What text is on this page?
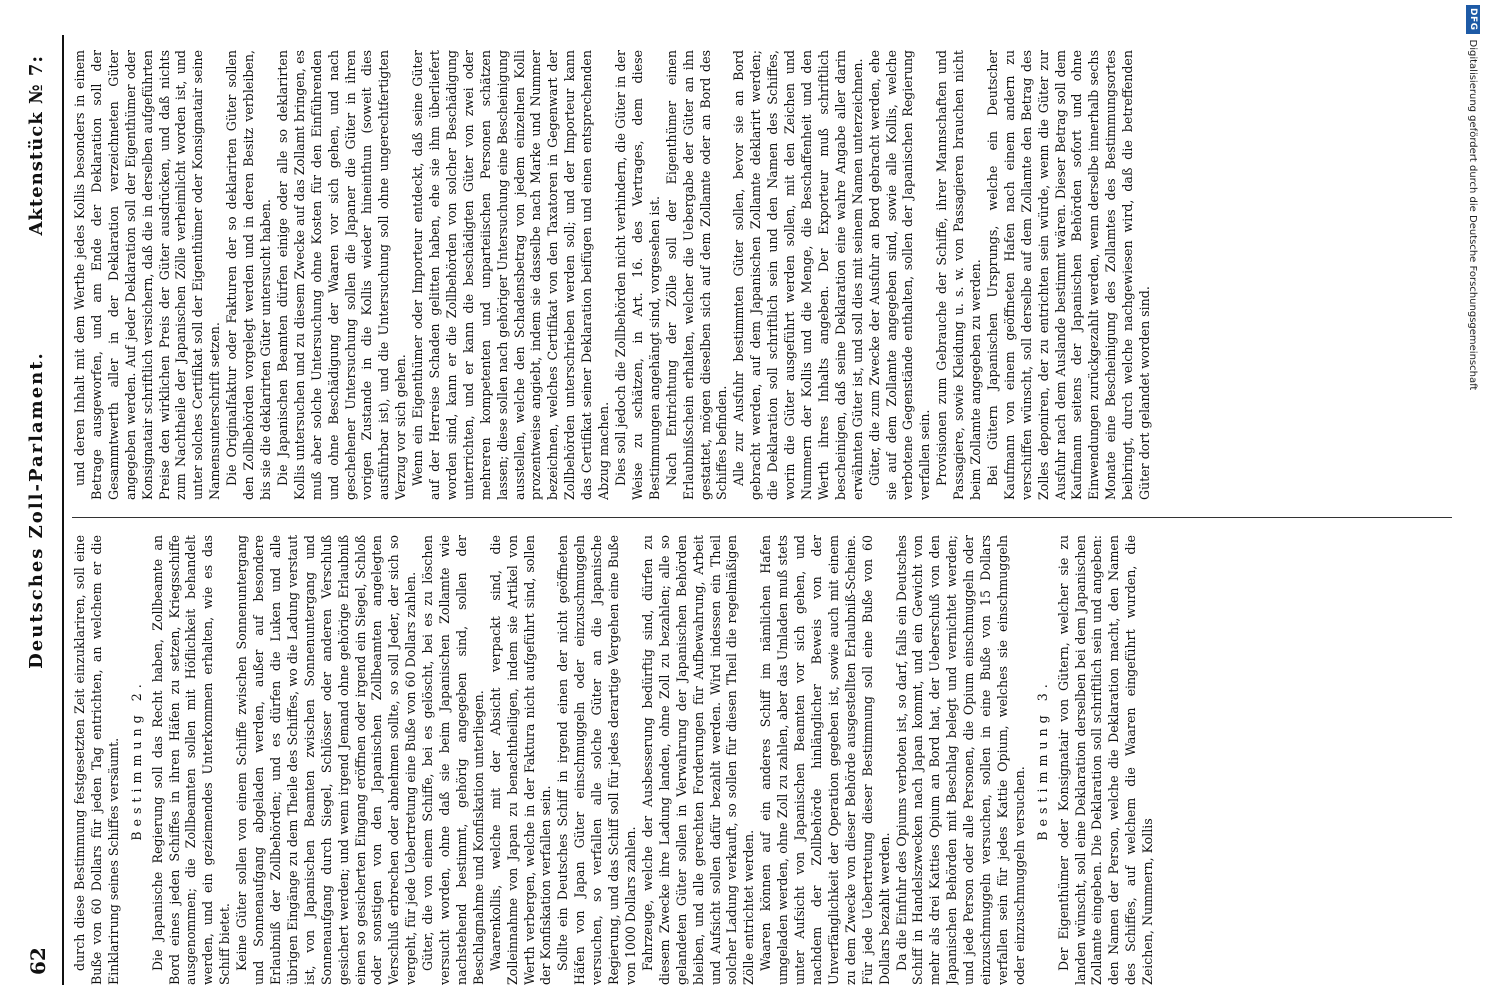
62
Deutsches Zoll-Parlament.
Aktenstück № 7:

durch diese Bestimmung festgesetzten Zeit einzuklariren, soll eine Buße von 60 Dollars für jeden Tag entrichten, an welchem er die Einklarirung seines Schiffes versäumt. Bestimmung 2. Die Japanische Regierung soll das Recht haben, Zollbeamte an Bord eines jeden Schiffes in ihren Häfen zu setzen, Kriegsschiffe ausgenommen; die Zollbeamten sollen mit Höflichkeit behandelt werden, und ein geziemendes Unterkommen erhalten, wie es das Schiff bietet. Keine Güter sollen von einem Schiffe zwischen Sonnenuntergang und Sonnenaufgang abgeladen werden, außer auf besondere Erlaubniß der Zollbehörden; und es dürfen die Luken und alle übrigen Eingänge zu dem Theile des Schiffes, wo die Ladung verstaut ist, von Japanischen Beamten zwischen Sonnenuntergang und Sonnenaufgang durch Siegel, Schlösser oder anderen Verschluß gesichert werden; und wenn irgend Jemand ohne gehörige Erlaubniß einen so gesicherten Eingang eröffnen oder irgend ein Siegel, Schloß oder sonstigen von den Japanischen Zollbeamten angelegten Verschluß erbrechen oder abnehmen sollte, so soll Jeder, der sich so vergeht, für jede Uebertretung eine Buße von 60 Dollars zahlen. Güter, die von einem Schiffe, bei es gelöscht, bei es zu löschen versucht worden, ohne daß sie beim Japanischen Zollamte wie nachstehend bestimmt, gehörig angegeben sind, sollen der Beschlagnahme und Konfiskation unterliegen. Waarenkollis, welche mit der Absicht verpackt sind, die Zolleinnahme von Japan zu benachtheiligen, indem sie Artikel von Werth verbergen, welche in der Faktura nicht aufgeführt sind, sollen der Konfiskation verfallen sein. Sollte ein Deutsches Schiff in irgend einen der nicht geöffneten Häfen von Japan Güter einschmuggeln oder einzuschmuggeln versuchen, so verfallen alle solche Güter an die Japanische Regierung, und das Schiff soll für jedes derartige Vergehen eine Buße von 1000 Dollars zahlen. Fahrzeuge, welche der Ausbesserung bedürftig sind, dürfen zu diesem Zwecke ihre Ladung landen, ohne Zoll zu bezahlen; alle so gelandeten Güter sollen in Verwahrung der Japanischen Behörden bleiben, und alle gerechten Forderungen für Aufbewahrung, Arbeit und Aufsicht sollen dafür bezahlt werden. Wird indessen ein Theil solcher Ladung verkauft, so sollen für diesen Theil die regelmäßigen Zölle entrichtet werden. Waaren können auf ein anderes Schiff im nämlichen Hafen umgeladen werden, ohne Zoll zu zahlen, aber das Umladen muß stets unter Aufsicht von Japanischen Beamten vor sich gehen, und nachdem der Zollbehörde hinlänglicher Beweis von der Unverfänglichkeit der Operation gegeben ist, sowie auch mit einem zu dem Zwecke von dieser Behörde ausgestellten Erlaubniß-Scheine. Für jede Uebertretung dieser Bestimmung soll eine Buße von 60 Dollars bezahlt werden. Da die Einfuhr des Opiums verboten ist, so darf, falls ein Deutsches Schiff in Handelszwecken nach Japan kommt, und ein Gewicht von mehr als drei Katties Opium an Bord hat, der Ueberschuß von den Japanischen Behörden mit Beschlag belegt und vernichtet werden; und jede Person oder alle Personen, die Opium einschmuggeln oder einzuschmuggeln versuchen, sollen in eine Buße von 15 Dollars verfallen sein für jedes Kattie Opium, welches sie einschmuggeln oder einzuschmuggeln versuchen.

Bestimmung 3. Der Eigenthümer oder Konsignatair von Gütern, welcher sie zu landen wünscht, soll eine Deklaration derselben bei dem Japanischen Zollamte eingeben. Die Deklaration soll schriftlich sein und angeben: den Namen der Person, welche die Deklaration macht, den Namen des Schiffes, auf welchem die Waaren eingeführt wurden, die Zeichen, Nummern, Kollis

und deren Inhalt mit dem Werthe jedes Kollis besonders in einem Betrage ausgeworfen, und am Ende der Deklaration soll der Gesammtwerth aller in der Deklaration verzeichneten Güter angegeben werden. Auf jeder Deklaration soll der Eigenthümer oder Konsignatair schriftlich versichern, daß die in derselben aufgeführten Preise den wirklichen Preis der Güter ausdrücken, und daß nichts zum Nachtheile der Japanischen Zölle verheimlicht worden ist, und unter solches Certifikat soll der Eigenthümer oder Konsignatair seine Namensunterschrift setzen. Die Originalfaktur oder Fakturen der so deklarirten Güter sollen den Zollbehörden vorgelegt werden und in deren Besitz verbleiben, bis sie die deklarirten Güter untersucht haben. Die Japanischen Beamten dürfen einige oder alle so deklarirten Kollis untersuchen und zu diesem Zwecke auf das Zollamt bringen, es muß aber solche Untersuchung ohne Kosten für den Einführenden und ohne Beschädigung der Waaren vor sich gehen, und nach geschehener Untersuchung sollen die Japaner die Güter in ihren vorigen Zustande in die Kollis wieder hineinthun (soweit dies ausführbar ist), und die Untersuchung soll ohne ungerechtfertigten Verzug vor sich gehen. Wenn ein Eigenthümer oder Importeur entdeckt, daß seine Güter auf der Herreise Schaden gelitten haben, ehe sie ihm überliefert worden sind, kann er die Zollbehörden von solcher Beschädigung unterrichten, und er kann die beschädigten Güter von zwei oder mehreren kompetenten und unparteiischen Personen schätzen lassen; diese sollen nach gehöriger Untersuchung eine Bescheinigung ausstellen, welche den Schadensbetrag von jedem einzelnen Kolli prozentweise angiebt, indem sie dasselbe nach Marke und Nummer bezeichnen, welches Certifikat von den Taxatoren in Gegenwart der Zollbehörden unterschrieben werden soll; und der Importeur kann das Certifikat seiner Deklaration beifügen und einen entsprechenden Abzug machen. Dies soll jedoch die Zollbehörden nicht verhindern, die Güter in der Weise zu schätzen, in Art. 16. des Vertrages, dem diese Bestimmungen angehängt sind, vorgesehen ist. Nach Entrichtung der Zölle soll der Eigenthümer einen Erlaubnißschein erhalten, welcher die Uebergabe der Güter an ihn gestattet, mögen dieselben sich auf dem Zollamte oder an Bord des Schiffes befinden. Alle zur Ausfuhr bestimmten Güter sollen, bevor sie an Bord gebracht werden, auf dem Japanischen Zollamte deklarirt werden; die Deklaration soll schriftlich sein und den Namen des Schiffes, worin die Güter ausgeführt werden sollen, mit den Zeichen und Nummern der Kollis und die Menge, die Beschaffenheit und den Werth ihres Inhalts angeben. Der Exporteur muß schriftlich bescheinigen, daß seine Deklaration eine wahre Angabe aller darin erwähnten Güter ist, und soll dies mit seinem Namen unterzeichnen. Güter, die zum Zwecke der Ausfuhr an Bord gebracht werden, ehe sie auf dem Zollamte angegeben sind, sowie alle Kollis, welche verbotene Gegenstände enthalten, sollen der Japanischen Regierung verfallen sein. Provisionen zum Gebrauche der Schiffe, ihrer Mannschaften und Passagiere, sowie Kleidung u. s. w. von Passagieren brauchen nicht beim Zollamte angegeben zu werden. Bei Gütern Japanischen Ursprungs, welche ein Deutscher Kaufmann von einem geöffneten Hafen nach einem andern zu verschiffen wünscht, soll derselbe auf dem Zollamte den Betrag des Zolles deponiren, der zu entrichten sein würde, wenn die Güter zur Ausfuhr nach dem Auslande bestimmt wären. Dieser Betrag soll dem Kaufmann seitens der Japanischen Behörden sofort und ohne Einwendungen zurückgezahlt werden, wenn derselbe innerhalb sechs Monate eine Bescheinigung des Zollamtes des Bestimmungsortes beibringt, durch welche nachgewiesen wird, daß die betreffenden Güter dort gelandet worden sind.

DFG
Digitalisierung gefördert durch die Deutsche Forschungsgemeinschaft
